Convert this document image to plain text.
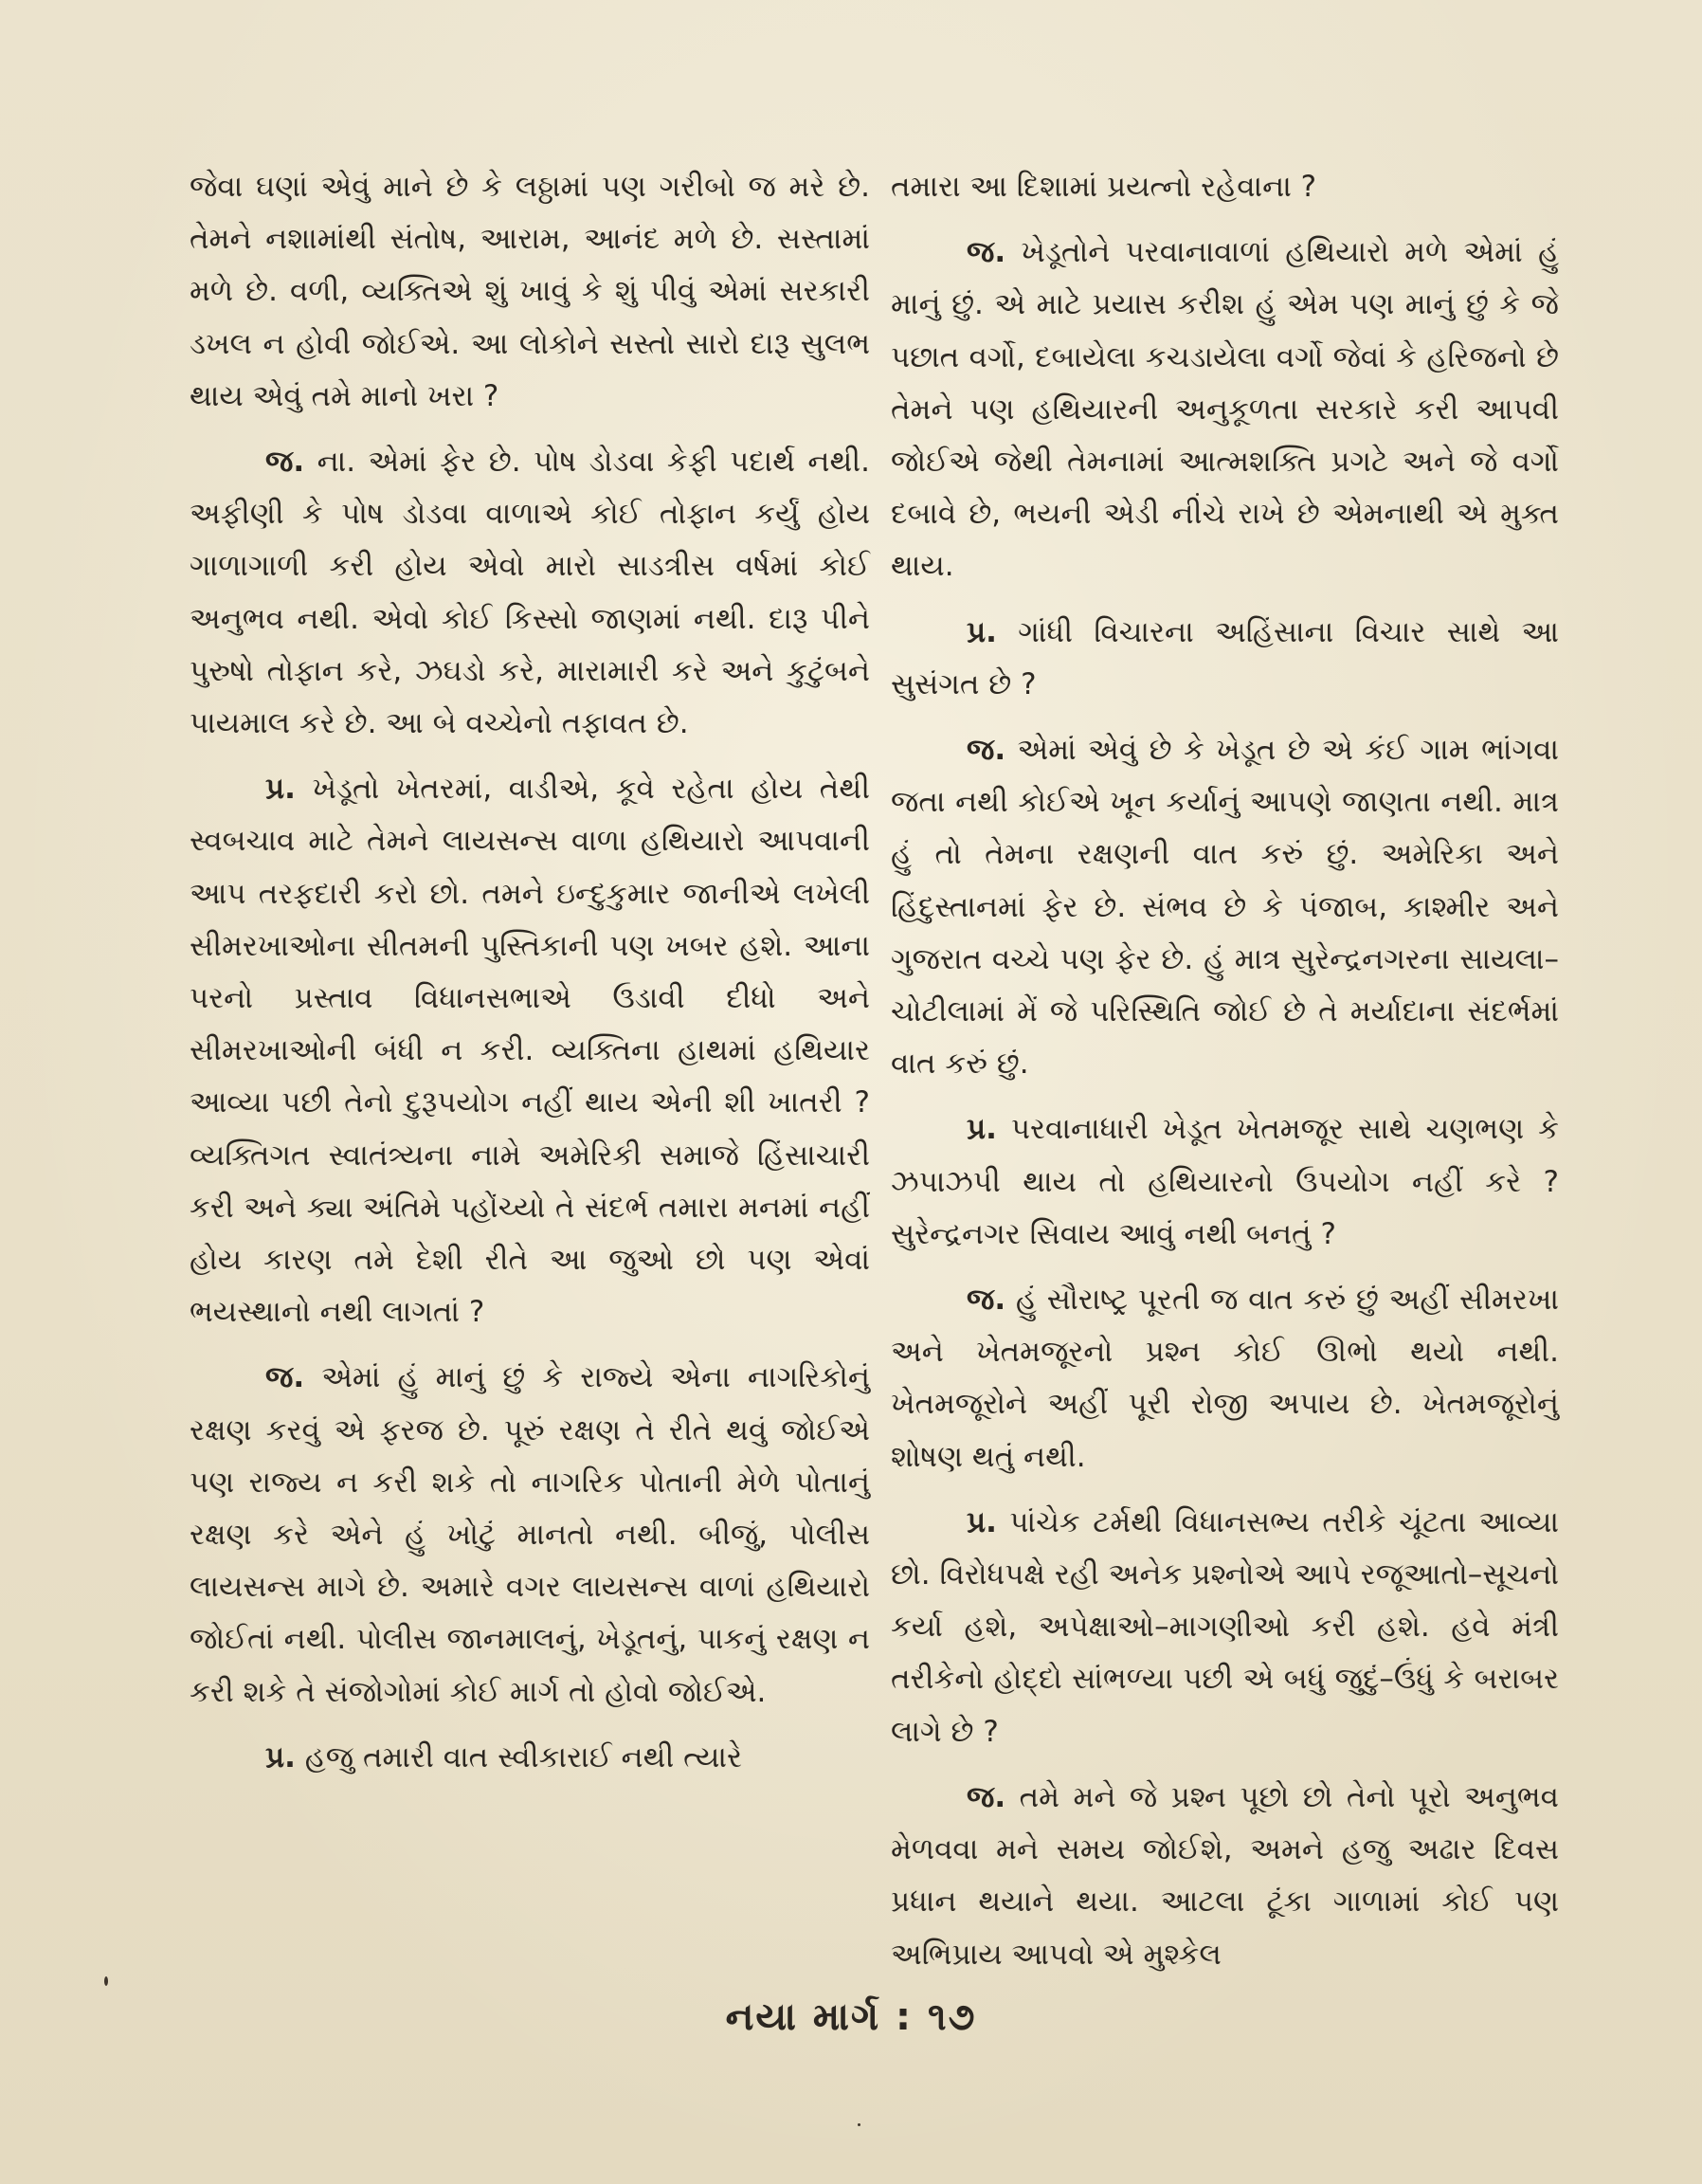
જેવા ઘણાં એવું માને છે કે લઠ્ઠામાં પણ ગરીબો જ મરે છે. તેમને નશામાંથી સંતોષ, આરામ, આનંદ મળે છે. સસ્તામાં મળે છે. વળી, વ્યક્તિએ શું ખાવું કે શું પીવું એમાં સરકારી ડખલ ન હોવી જોઈએ. આ લોકોને સસ્તો સારો દારૂ સુલભ થાય એવું તમે માનો ખરા ?

જ. ના. એમાં ફેર છે. પોષ ડોડવા કેફી પદાર્થ નથી. અફીણી કે પોષ ડોડવા વાળાએ કોઈ તોફાન કર્યું હોય ગાળાગાળી કરી હોય એવો મારો સાડત્રીસ વર્ષમાં કોઈ અનુભવ નથી. એવો કોઈ કિસ્સો જાણમાં નથી. દારૂ પીને પુરુષો તોફાન કરે, ઝઘડો કરે, મારામારી કરે અને કુટુંબને પાયમાલ કરે છે. આ બે વચ્ચેનો તફાવત છે.

પ્ર. ખેડૂતો ખેતરમાં, વાડીએ, કૂવે રહેતા હોય તેથી સ્વબચાવ માટે તેમને લાયસન્સ વાળા હથિયારો આપવાની આપ તરફદારી કરો છો. તમને ઇન્દુકુમાર જાનીએ લખેલી સીમરખાઓના સીતમની પુસ્તિકાની પણ ખબર હશે. આના પરનો પ્રસ્તાવ વિધાનસભાએ ઉડાવી દીધો અને સીમરખાઓની બંધી ન કરી. વ્યક્તિના હાથમાં હથિયાર આવ્યા પછી તેનો દુરૂપયોગ નહીં થાય એની શી ખાતરી ? વ્યક્તિગત સ્વાતંત્ર્યના નામે અમેરિકી સમાજે હિંસાચારી કરી અને ક્યા અંતિમે પહોંચ્યો તે સંદર્ભ તમારા મનમાં નહીં હોય કારણ તમે દેશી રીતે આ જુઓ છો પણ એવાં ભયસ્થાનો નથી લાગતાં ?

જ. એમાં હું માનું છું કે રાજ્યે એના નાગરિકોનું રક્ષણ કરવું એ ફરજ છે. પૂરું રક્ષણ તે રીતે થવું જોઈએ પણ રાજ્ય ન કરી શકે તો નાગરિક પોતાની મેળે પોતાનું રક્ષણ કરે એને હું ખોટું માનતો નથી. બીજું, પોલીસ લાયસન્સ માગે છે. અમારે વગર લાયસન્સ વાળાં હથિયારો જોઈતાં નથી. પોલીસ જાનમાલનું, ખેડૂતનું, પાકનું રક્ષણ ન કરી શકે તે સંજોગોમાં કોઈ માર્ગ તો હોવો જોઈએ.

પ્ર. હજુ તમારી વાત સ્વીકારાઈ નથી ત્યારે

તમારા આ દિશામાં પ્રયત્નો રહેવાના ?

જ. ખેડૂતોને પરવાનાવાળાં હથિયારો મળે એમાં હું માનું છું. એ માટે પ્રયાસ કરીશ હું એમ પણ માનું છું કે જે પછાત વર્ગો, દબાયેલા કચડાયેલા વર્ગો જેવાં કે હરિજનો છે તેમને પણ હથિયારની અનુકૂળતા સરકારે કરી આપવી જોઈએ જેથી તેમનામાં આત્મશક્તિ પ્રગટે અને જે વર્ગો દબાવે છે, ભયની એડી નીચે રાખે છે એમનાથી એ મુક્ત થાય.

પ્ર. ગાંધી વિચારના અહિંસાના વિચાર સાથે આ સુસંગત છે ?

જ. એમાં એવું છે કે ખેડૂત છે એ કંઈ ગામ ભાંગવા જતા નથી કોઈએ ખૂન કર્યાનું આપણે જાણતા નથી. માત્ર હું તો તેમના રક્ષણની વાત કરું છું. અમેરિકા અને હિંદુસ્તાનમાં ફેર છે. સંભવ છે કે પંજાબ, કાશ્મીર અને ગુજરાત વચ્ચે પણ ફેર છે. હું માત્ર સુરેન્દ્રનગરના સાયલા–ચોટીલામાં મેં જે પરિસ્થિતિ જોઈ છે તે મર્યાદાના સંદર્ભમાં વાત કરું છું.

પ્ર. પરવાનાધારી ખેડૂત ખેતમજૂર સાથે ચણભણ કે ઝપાઝપી થાય તો હથિયારનો ઉપયોગ નહીં કરે ? સુરેન્દ્રનગર સિવાય આવું નથી બનતું ?

જ. હું સૌરાષ્ટ્ર પૂરતી જ વાત કરું છું અહીં સીમરખા અને ખેતમજૂરનો પ્રશ્ન કોઈ ઊભો થયો નથી. ખેતમજૂરોને અહીં પૂરી રોજી અપાય છે. ખેતમજૂરોનું શોષણ થતું નથી.

પ્ર. પાંચેક ટર્મથી વિધાનસભ્ય તરીકે ચૂંટતા આવ્યા છો. વિરોધપક્ષે રહી અનેક પ્રશ્નોએ આપે રજૂઆતો–સૂચનો કર્યા હશે, અપેક્ષાઓ–માગણીઓ કરી હશે. હવે મંત્રી તરીકેનો હોદ્દો સાંભળ્યા પછી એ બધું જુદું–ઉંધું કે બરાબર લાગે છે ?

જ. તમે મને જે પ્રશ્ન પૂછો છો તેનો પૂરો અનુભવ મેળવવા મને સમય જોઈશે, અમને હજુ અઢાર દિવસ પ્રધાન થયાને થયા. આટલા ટૂંકા ગાળામાં કોઈ પણ અભિપ્રાય આપવો એ મુશ્કેલ

નયા માર્ગ : ૧૭
